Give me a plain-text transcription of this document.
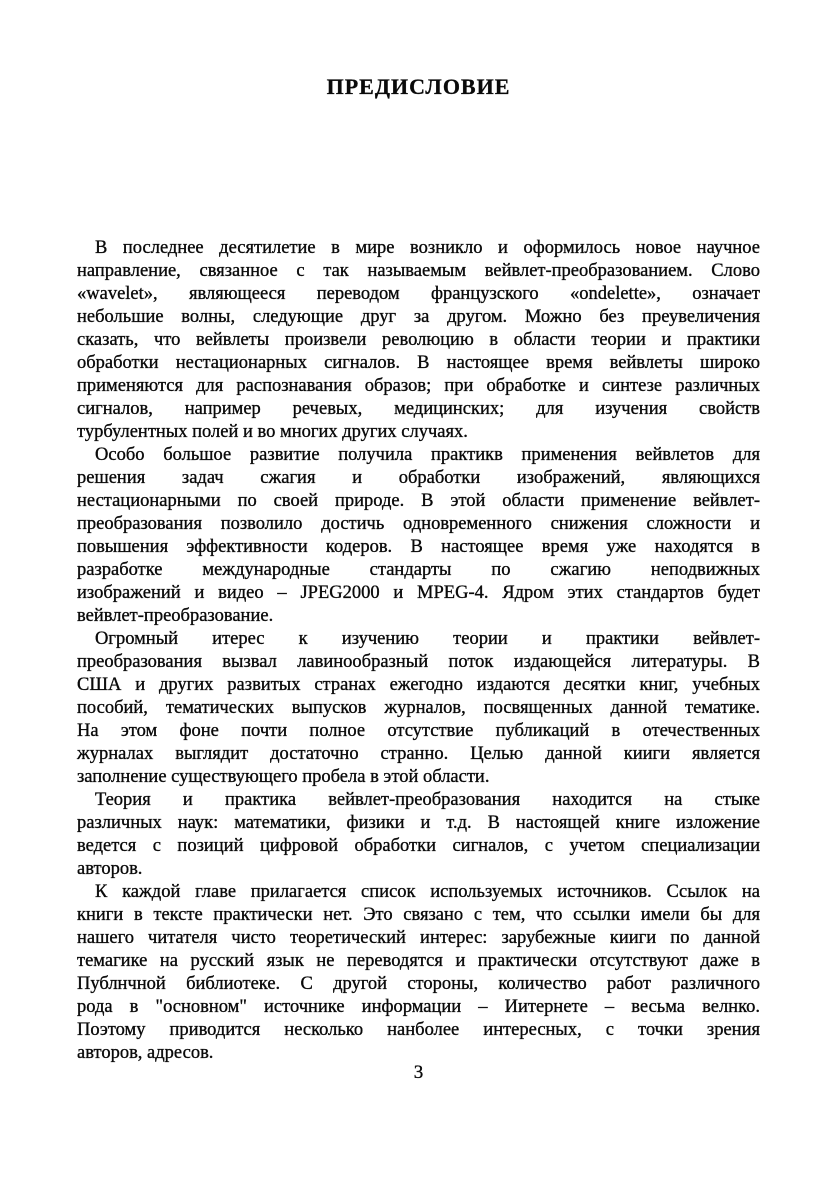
ПРЕДИСЛОВИЕ

В последнее десятилетие в мире возникло и оформилось новое научное
направление, связанное с так называемым вейвлет-преобразованием. Слово
«wavelet», являющееся переводом французского «ondelette», означает
небольшие волны, следующие друг за другом. Можно без преувеличения
сказать, что вейвлеты произвели революцию в области теории и практики
обработки нестационарных сигналов. В настоящее время вейвлеты широко
применяются для распознавания образов; при обработке и синтезе различных
сигналов, например речевых, медицинских; для изучения свойств
турбулентных полей и во многих других случаях.

Особо большое развитие получила практикв применения вейвлетов для
решения задач сжагия и обработки изображений, являющихся
нестационарными по своей природе. В этой области применение вейвлет-
преобразования позволило достичь одновременного снижения сложности и
повышения эффективности кодеров. В настоящее время уже находятся в
разработке международные стандарты по сжагию неподвижных
изображений и видео – JPEG2000 и MPEG-4. Ядром этих стандартов будет
вейвлет-преобразование.

Огромный итерес к изучению теории и практики вейвлет-
преобразования вызвал лавинообразный поток издающейся литературы. В
США и других развитых странах ежегодно издаются десятки книг, учебных
пособий, тематических выпусков журналов, посвященных данной тематике.
На этом фоне почти полное отсутствие публикаций в отечественных
журналах выглядит достаточно странно. Целью данной кииги является
заполнение существующего пробела в этой области.

Теория и практика вейвлет-преобразования находится на стыке
различных наук: математики, физики и т.д. В настоящей книге изложение
ведется с позиций цифровой обработки сигналов, с учетом специализации
авторов.

К каждой главе прилагается список используемых источников. Ссылок на
книги в тексте практически нет. Это связано с тем, что ссылки имели бы для
нашего читателя чисто теоретический интерес: зарубежные кииги по данной
темагике на русский язык не переводятся и практически отсутствуют даже в
Публнчной библиотеке. С другой стороны, количество работ различного
рода в "основном" источнике информации – Иитернете – весьма велнко.
Поэтому приводится несколько нанболее интересных, с точки зрения
авторов, адресов.

3
